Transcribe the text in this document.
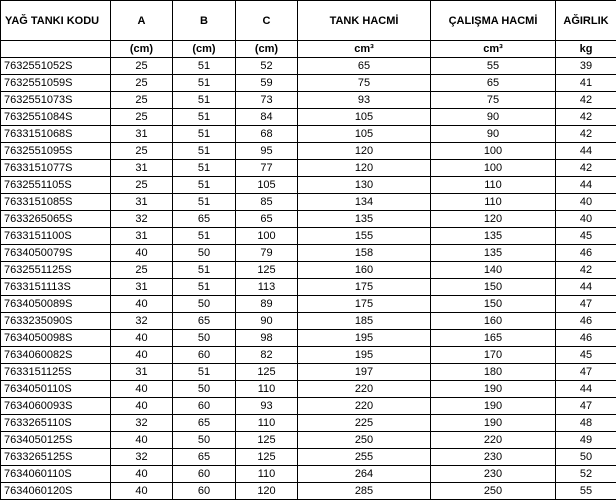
YAĞ TANKI KODU	A	B	C	TANK HACMİ	ÇALIŞMA HACMİ	AĞIRLIK
	(cm)	(cm)	(cm)	cm³	cm³	kg
7632551052S	25	51	52	65	55	39
7632551059S	25	51	59	75	65	41
7632551073S	25	51	73	93	75	42
7632551084S	25	51	84	105	90	42
7633151068S	31	51	68	105	90	42
7632551095S	25	51	95	120	100	44
7633151077S	31	51	77	120	100	42
7632551105S	25	51	105	130	110	44
7633151085S	31	51	85	134	110	40
7633265065S	32	65	65	135	120	40
7633151100S	31	51	100	155	135	45
7634050079S	40	50	79	158	135	46
7632551125S	25	51	125	160	140	42
7633151113S	31	51	113	175	150	44
7634050089S	40	50	89	175	150	47
7633235090S	32	65	90	185	160	46
7634050098S	40	50	98	195	165	46
7634060082S	40	60	82	195	170	45
7633151125S	31	51	125	197	180	47
7634050110S	40	50	110	220	190	44
7634060093S	40	60	93	220	190	47
7633265110S	32	65	110	225	190	48
7634050125S	40	50	125	250	220	49
7633265125S	32	65	125	255	230	50
7634060110S	40	60	110	264	230	52
7634060120S	40	60	120	285	250	55
